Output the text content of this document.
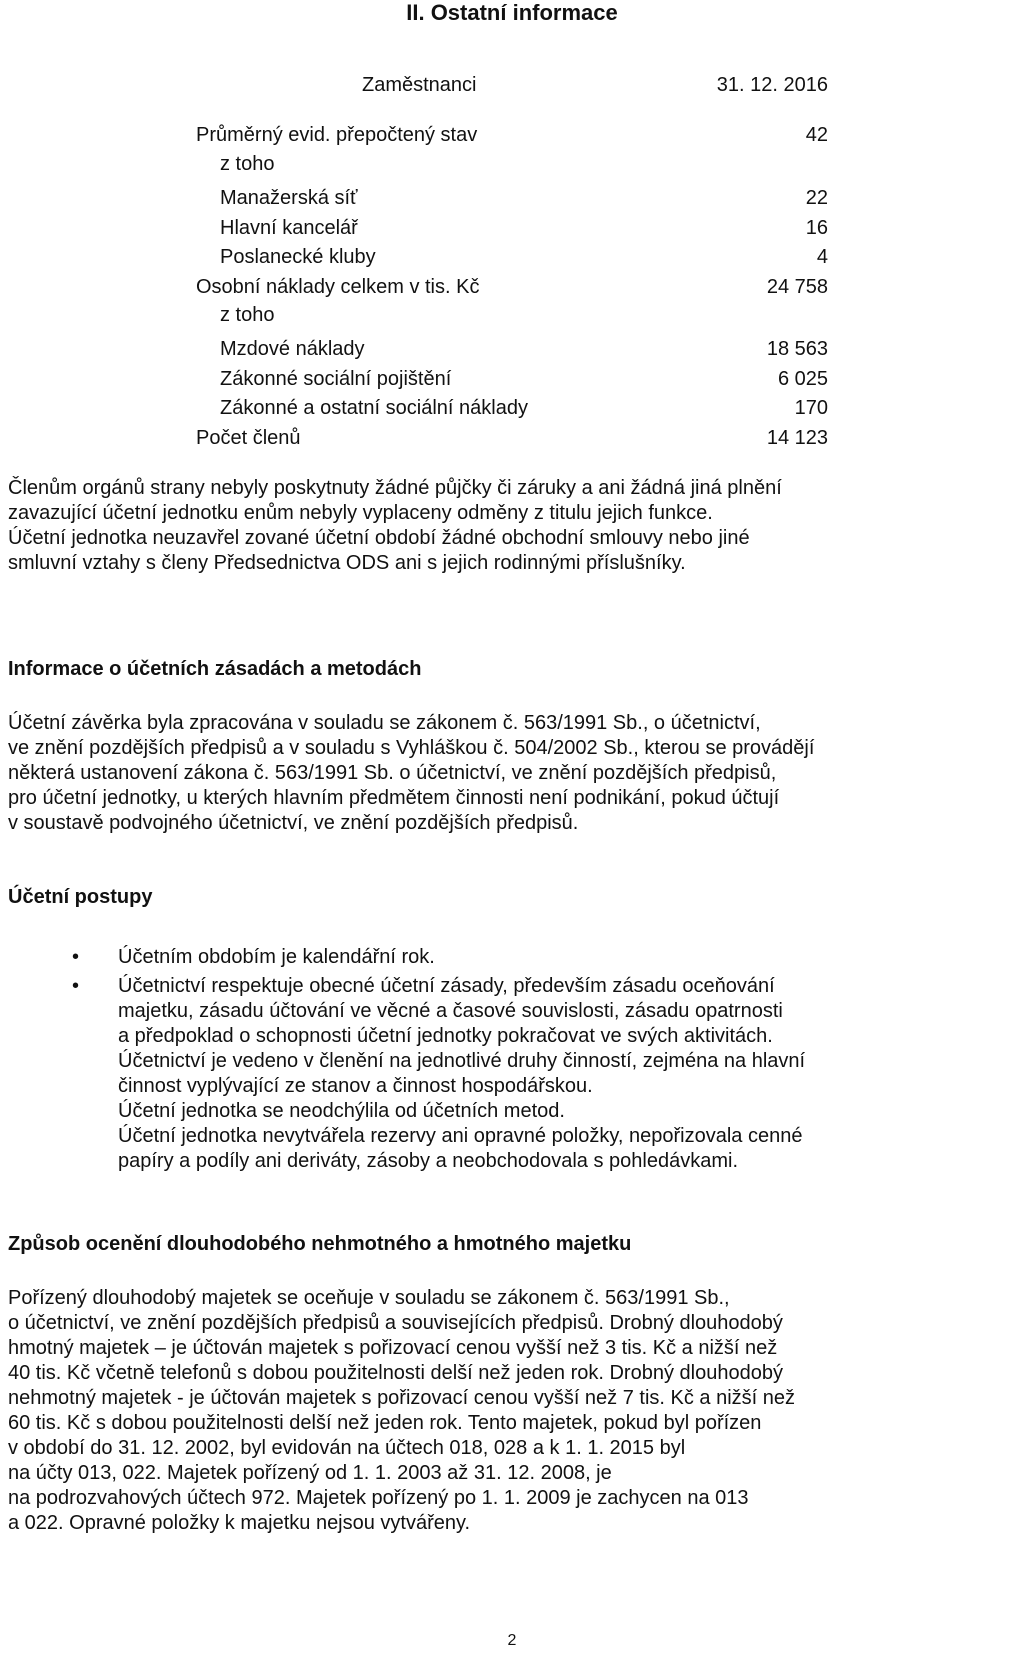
II. Ostatní informace
Zaměstnanci	31. 12. 2016
Průměrný evid. přepočtený stav	42
z toho
Manažerská síť	22
Hlavní kancelář	16
Poslanecké kluby	4
Osobní náklady celkem v tis. Kč	24 758
z toho
Mzdové náklady	18 563
Zákonné sociální pojištění	6 025
Zákonné a ostatní sociální náklady	170
Počet členů	14 123
Členům orgánů strany nebyly poskytnuty žádné půjčky či záruky a ani žádná jiná plnění
zavazující účetní jednotku enům nebyly vyplaceny odměny z titulu jejich funkce.
Účetní jednotka neuzavřel zované účetní období žádné obchodní smlouvy nebo jiné
smluvní vztahy s členy Předsednictva ODS ani s jejich rodinnými příslušníky.
Informace o účetních zásadách a metodách
Účetní závěrka byla zpracována v souladu se zákonem č. 563/1991 Sb., o účetnictví,
ve znění pozdějších předpisů a v souladu s Vyhláškou č. 504/2002 Sb., kterou se provádějí
některá ustanovení zákona č. 563/1991 Sb. o účetnictví, ve znění pozdějších předpisů,
pro účetní jednotky, u kterých hlavním předmětem činnosti není podnikání, pokud účtují
v soustavě podvojného účetnictví, ve znění pozdějších předpisů.
Účetní postupy
• Účetním obdobím je kalendářní rok.
• Účetnictví respektuje obecné účetní zásady, především zásadu oceňování
majetku, zásadu účtování ve věcné a časové souvislosti, zásadu opatrnosti
a předpoklad o schopnosti účetní jednotky pokračovat ve svých aktivitách.
Účetnictví je vedeno v členění na jednotlivé druhy činností, zejména na hlavní
činnost vyplývající ze stanov a činnost hospodářskou.
Účetní jednotka se neodchýlila od účetních metod.
Účetní jednotka nevytvářela rezervy ani opravné položky, nepořizovala cenné
papíry a podíly ani deriváty, zásoby a neobchodovala s pohledávkami.
Způsob ocenění dlouhodobého nehmotného a hmotného majetku
Pořízený dlouhodobý majetek se oceňuje v souladu se zákonem č. 563/1991 Sb.,
o účetnictví, ve znění pozdějších předpisů a souvisejících předpisů. Drobný dlouhodobý
hmotný majetek – je účtován majetek s pořizovací cenou vyšší než 3 tis. Kč a nižší než
40 tis. Kč včetně telefonů s dobou použitelnosti delší než jeden rok. Drobný dlouhodobý
nehmotný majetek - je účtován majetek s pořizovací cenou vyšší než 7 tis. Kč a nižší než
60 tis. Kč s dobou použitelnosti delší než jeden rok. Tento majetek, pokud byl pořízen
v období do 31. 12. 2002, byl evidován na účtech 018, 028 a k 1. 1. 2015 byl
na účty 013, 022. Majetek pořízený od 1. 1. 2003 až 31. 12. 2008, je
na podrozvahových účtech 972. Majetek pořízený po 1. 1. 2009 je zachycen na 013
a 022. Opravné položky k majetku nejsou vytvářeny.
2
